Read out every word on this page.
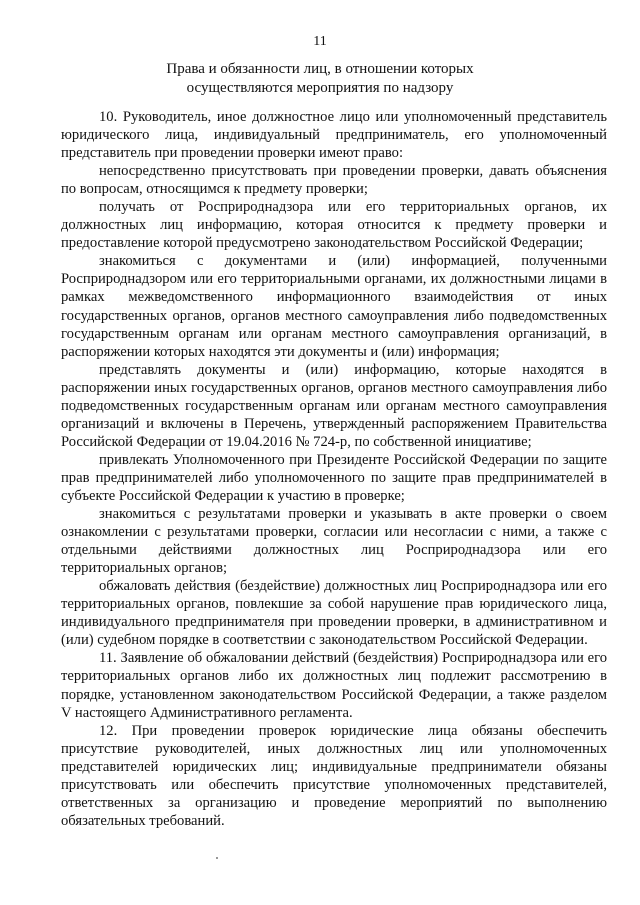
11
Права и обязанности лиц, в отношении которых
осуществляются мероприятия по надзору

10. Руководитель, иное должностное лицо или уполномоченный представитель юридического лица, индивидуальный предприниматель, его уполномоченный представитель при проведении проверки имеют право:

непосредственно присутствовать при проведении проверки, давать объяснения по вопросам, относящимся к предмету проверки;

получать от Росприроднадзора или его территориальных органов, их должностных лиц информацию, которая относится к предмету проверки и предоставление которой предусмотрено законодательством Российской Федерации;

знакомиться с документами и (или) информацией, полученными Росприроднадзором или его территориальными органами, их должностными лицами в рамках межведомственного информационного взаимодействия от иных государственных органов, органов местного самоуправления либо подведомственных государственным органам или органам местного самоуправления организаций, в распоряжении которых находятся эти документы и (или) информация;

представлять документы и (или) информацию, которые находятся в распоряжении иных государственных органов, органов местного самоуправления либо подведомственных государственным органам или органам местного самоуправления организаций и включены в Перечень, утвержденный распоряжением Правительства Российской Федерации от 19.04.2016 № 724-р, по собственной инициативе;

привлекать Уполномоченного при Президенте Российской Федерации по защите прав предпринимателей либо уполномоченного по защите прав предпринимателей в субъекте Российской Федерации к участию в проверке;

знакомиться с результатами проверки и указывать в акте проверки о своем ознакомлении с результатами проверки, согласии или несогласии с ними, а также с отдельными действиями должностных лиц Росприроднадзора или его территориальных органов;

обжаловать действия (бездействие) должностных лиц Росприроднадзора или его территориальных органов, повлекшие за собой нарушение прав юридического лица, индивидуального предпринимателя при проведении проверки, в административном и (или) судебном порядке в соответствии с законодательством Российской Федерации.

11. Заявление об обжаловании действий (бездействия) Росприроднадзора или его территориальных органов либо их должностных лиц подлежит рассмотрению в порядке, установленном законодательством Российской Федерации, а также разделом V настоящего Административного регламента.

12. При проведении проверок юридические лица обязаны обеспечить присутствие руководителей, иных должностных лиц или уполномоченных представителей юридических лиц; индивидуальные предприниматели обязаны присутствовать или обеспечить присутствие уполномоченных представителей, ответственных за организацию и проведение мероприятий по выполнению обязательных требований.
